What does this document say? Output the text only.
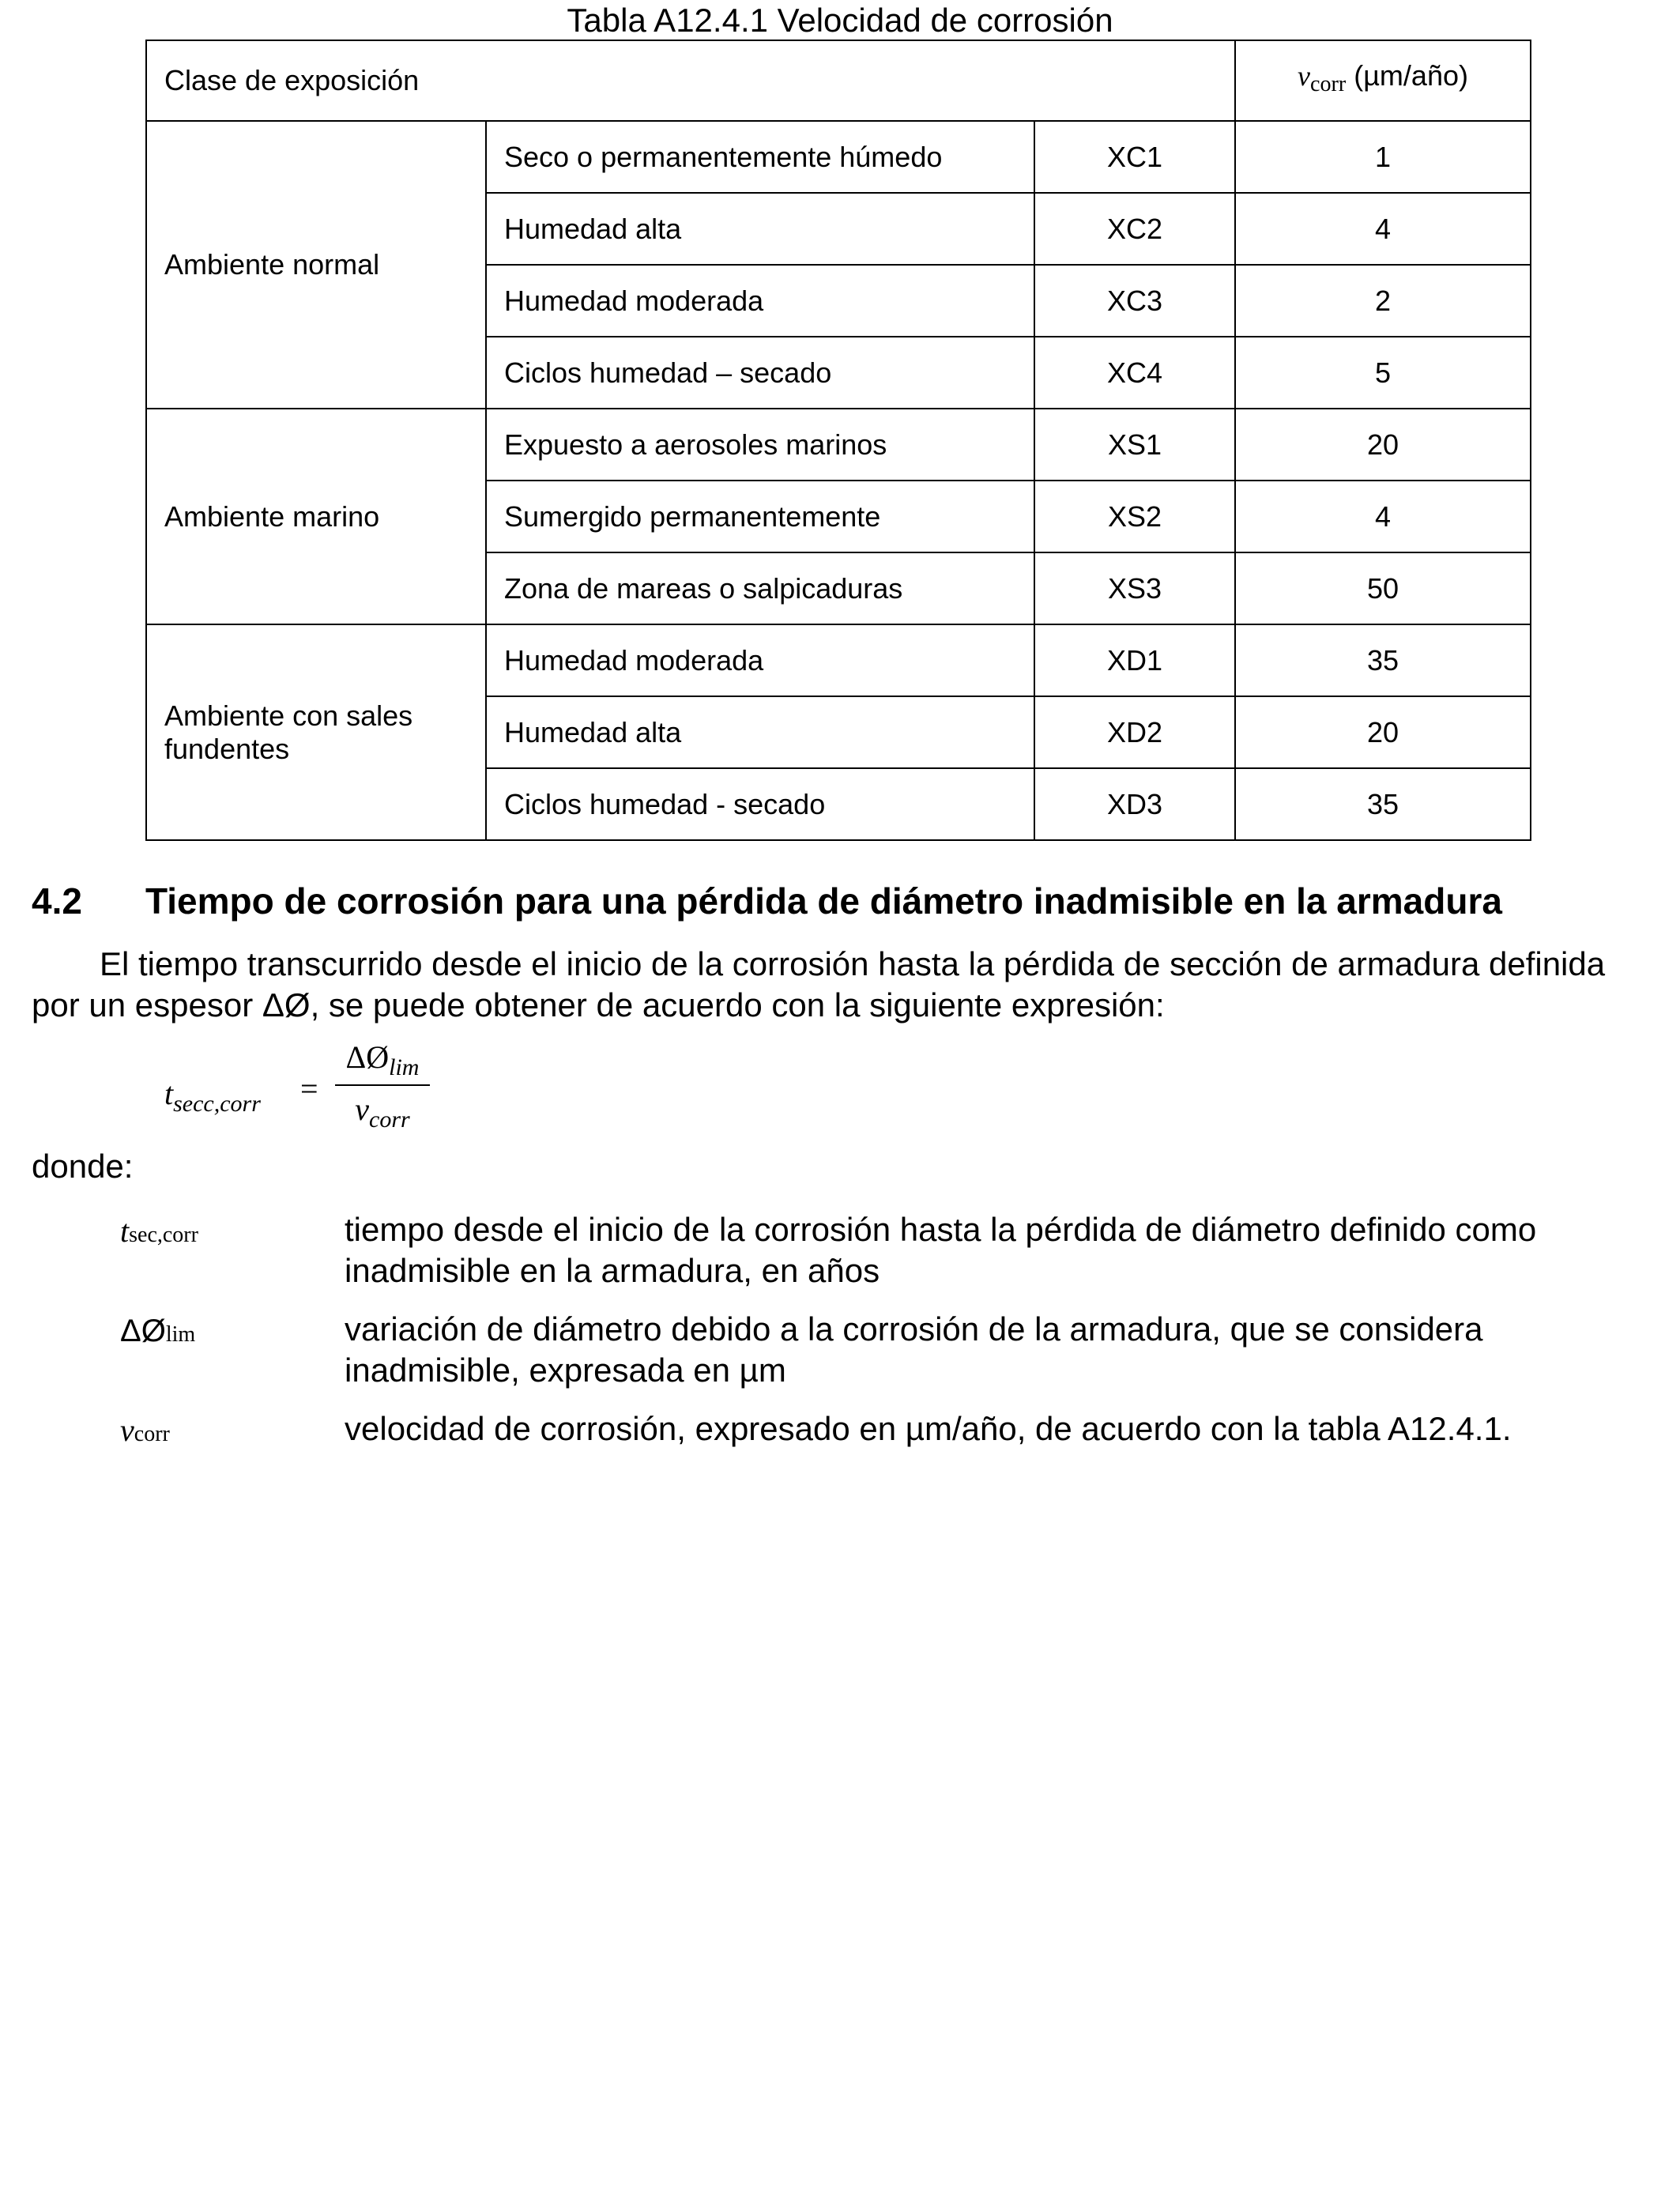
Tabla A12.4.1 Velocidad de corrosión
Clase de exposición			$v_{corr}$ (µm/año)
Ambiente normal	Seco o permanentemente húmedo	XC1	1
	Humedad alta	XC2	4
	Humedad moderada	XC3	2
	Ciclos humedad – secado	XC4	5
Ambiente marino	Expuesto a aerosoles marinos	XS1	20
	Sumergido permanentemente	XS2	4
	Zona de mareas o salpicaduras	XS3	50
Ambiente con sales fundentes	Humedad moderada	XD1	35
	Humedad alta	XD2	20
	Ciclos humedad - secado	XD3	35
4.2 Tiempo de corrosión para una pérdida de diámetro inadmisible en la armadura
El tiempo transcurrido desde el inicio de la corrosión hasta la pérdida de sección de armadura definida por un espesor ΔØ, se puede obtener de acuerdo con la siguiente expresión:
$t_{secc,corr}$ =
$\Delta Ø_{lim}$
$v_{corr}$
donde:
tsec,corr	tiempo desde el inicio de la corrosión hasta la pérdida de diámetro definido como inadmisible en la armadura, en años
ΔØlim	variación de diámetro debido a la corrosión de la armadura, que se considera inadmisible, expresada en µm
vcorr	velocidad de corrosión, expresado en µm/año, de acuerdo con la tabla A12.4.1.
